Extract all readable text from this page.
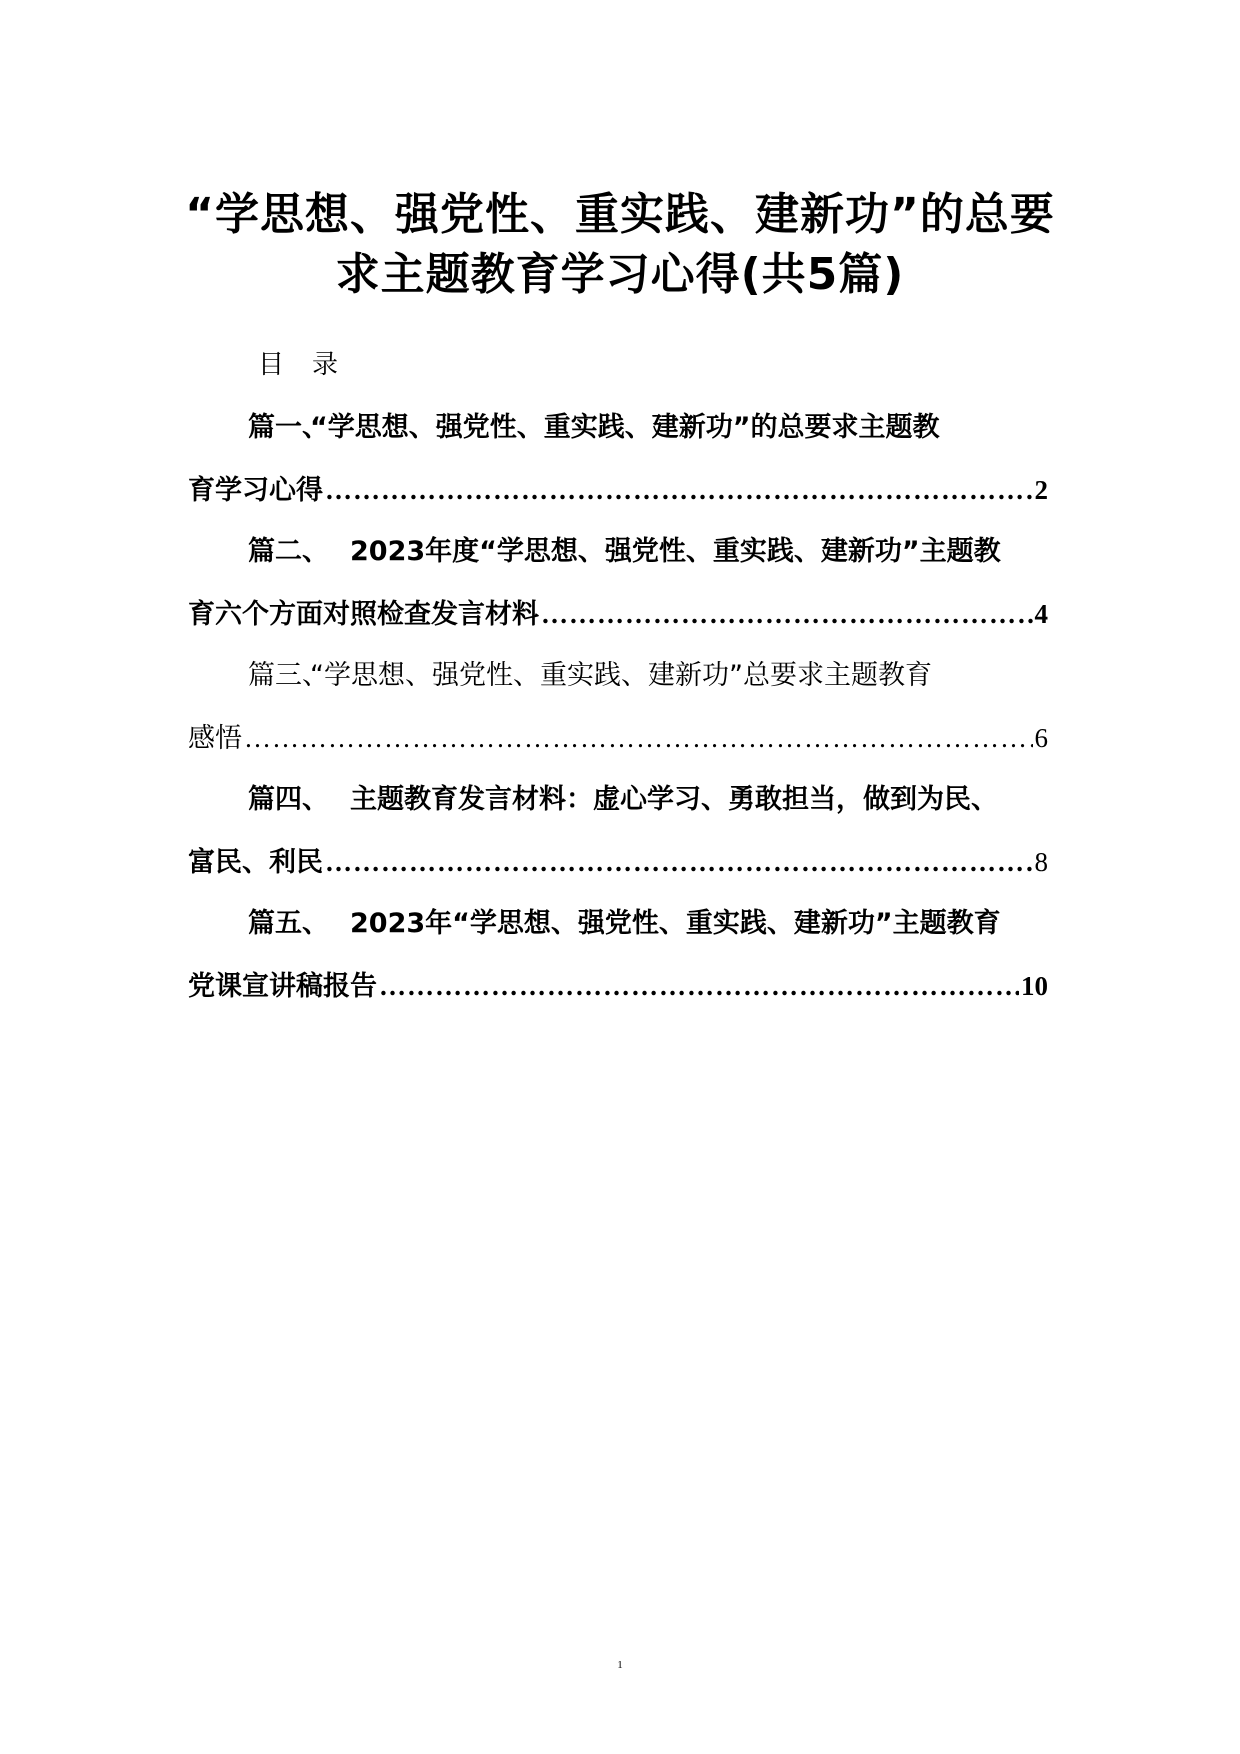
“学思想、强党性、重实践、建新功”的总要
求主题教育学习心得(共5篇)
目录
篇一、“学思想、强党性、重实践、建新功”的总要求主题教
育学习心得 …………………………………………………………………………………………………………………………………………………………	2
篇二、 2023年度“学思想、强党性、重实践、建新功”主题教
育六个方面对照检查发言材料 …………………………………………………………………………………………………………………………………………………………	4
篇三、“学思想、强党性、重实践、建新功”总要求主题教育
感悟 …………………………………………………………………………………………………………………………………………………………	6
篇四、 主题教育发言材料：虚心学习、勇敢担当，做到为民、
富民、利民 …………………………………………………………………………………………………………………………………………………………	8
篇五、 2023年“学思想、强党性、重实践、建新功”主题教育
党课宣讲稿报告 …………………………………………………………………………………………………………………………………………………………	10
1
